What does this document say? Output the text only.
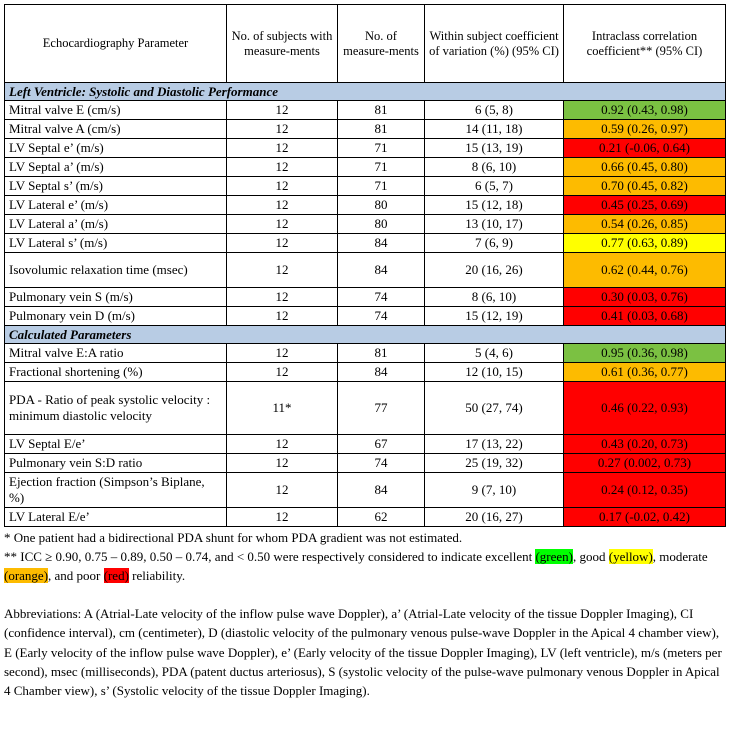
Echocardiography Parameter	No. of subjects with measure-ments	No. of measure-ments	Within subject coefficient of variation (%) (95% CI)	Intraclass correlation coefficient** (95% CI)
Left Ventricle: Systolic and Diastolic Performance				
Mitral valve E (cm/s)	12	81	6 (5, 8)	0.92 (0.43, 0.98)
Mitral valve A (cm/s)	12	81	14 (11, 18)	0.59 (0.26, 0.97)
LV Septal e’ (m/s)	12	71	15 (13, 19)	0.21 (-0.06, 0.64)
LV Septal a’ (m/s)	12	71	8 (6, 10)	0.66 (0.45, 0.80)
LV Septal s’ (m/s)	12	71	6 (5, 7)	0.70 (0.45, 0.82)
LV Lateral e’ (m/s)	12	80	15 (12, 18)	0.45 (0.25, 0.69)
LV Lateral a’ (m/s)	12	80	13 (10, 17)	0.54 (0.26, 0.85)
LV Lateral s’ (m/s)	12	84	7 (6, 9)	0.77 (0.63, 0.89)
Isovolumic relaxation time (msec)	12	84	20 (16, 26)	0.62 (0.44, 0.76)
Pulmonary vein S (m/s)	12	74	8 (6, 10)	0.30 (0.03, 0.76)
Pulmonary vein D (m/s)	12	74	15 (12, 19)	0.41 (0.03, 0.68)
Calculated Parameters				
Mitral valve E:A ratio	12	81	5 (4, 6)	0.95 (0.36, 0.98)
Fractional shortening (%)	12	84	12 (10, 15)	0.61 (0.36, 0.77)
PDA - Ratio of peak systolic velocity : minimum diastolic velocity	11*	77	50 (27, 74)	0.46 (0.22, 0.93)
LV Septal E/e’	12	67	17 (13, 22)	0.43 (0.20, 0.73)
Pulmonary vein S:D ratio	12	74	25 (19, 32)	0.27 (0.002, 0.73)
Ejection fraction (Simpson’s Biplane, %)	12	84	9 (7, 10)	0.24 (0.12, 0.35)
LV Lateral E/e’	12	62	20 (16, 27)	0.17 (-0.02, 0.42)

* One patient had a bidirectional PDA shunt for whom PDA gradient was not estimated.

** ICC ≥ 0.90, 0.75 – 0.89, 0.50 – 0.74, and < 0.50 were respectively considered to indicate excellent (green), good (yellow), moderate (orange), and poor (red) reliability.

Abbreviations: A (Atrial-Late velocity of the inflow pulse wave Doppler), a’ (Atrial-Late velocity of the tissue Doppler Imaging), CI (confidence interval), cm (centimeter), D (diastolic velocity of the pulmonary venous pulse-wave Doppler in the Apical 4 chamber view), E (Early velocity of the inflow pulse wave Doppler), e’ (Early velocity of the tissue Doppler Imaging), LV (left ventricle), m/s (meters per second), msec (milliseconds), PDA (patent ductus arteriosus), S (systolic velocity of the pulse-wave pulmonary venous Doppler in Apical 4 Chamber view), s’ (Systolic velocity of the tissue Doppler Imaging).
